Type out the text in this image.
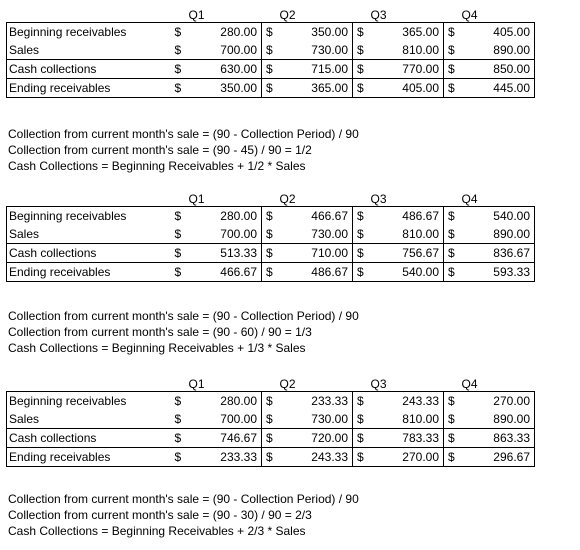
		Q1		Q2		Q3		Q4
Beginning receivables	$	280.00	$	350.00	$	365.00	$	405.00
Sales	$	700.00	$	730.00	$	810.00	$	890.00
Cash collections	$	630.00	$	715.00	$	770.00	$	850.00
Ending receivables	$	350.00	$	365.00	$	405.00	$	445.00
Collection from current month's sale = (90 - Collection Period) / 90
Collection from current month's sale = (90 - 45) / 90 = 1/2
Cash Collections = Beginning Receivables + 1/2 * Sales
		Q1		Q2		Q3		Q4
Beginning receivables	$	280.00	$	466.67	$	486.67	$	540.00
Sales	$	700.00	$	730.00	$	810.00	$	890.00
Cash collections	$	513.33	$	710.00	$	756.67	$	836.67
Ending receivables	$	466.67	$	486.67	$	540.00	$	593.33
Collection from current month's sale = (90 - Collection Period) / 90
Collection from current month's sale = (90 - 60) / 90 = 1/3
Cash Collections = Beginning Receivables + 1/3 * Sales
		Q1		Q2		Q3		Q4
Beginning receivables	$	280.00	$	233.33	$	243.33	$	270.00
Sales	$	700.00	$	730.00	$	810.00	$	890.00
Cash collections	$	746.67	$	720.00	$	783.33	$	863.33
Ending receivables	$	233.33	$	243.33	$	270.00	$	296.67
Collection from current month's sale = (90 - Collection Period) / 90
Collection from current month's sale = (90 - 30) / 90 = 2/3
Cash Collections = Beginning Receivables + 2/3 * Sales
